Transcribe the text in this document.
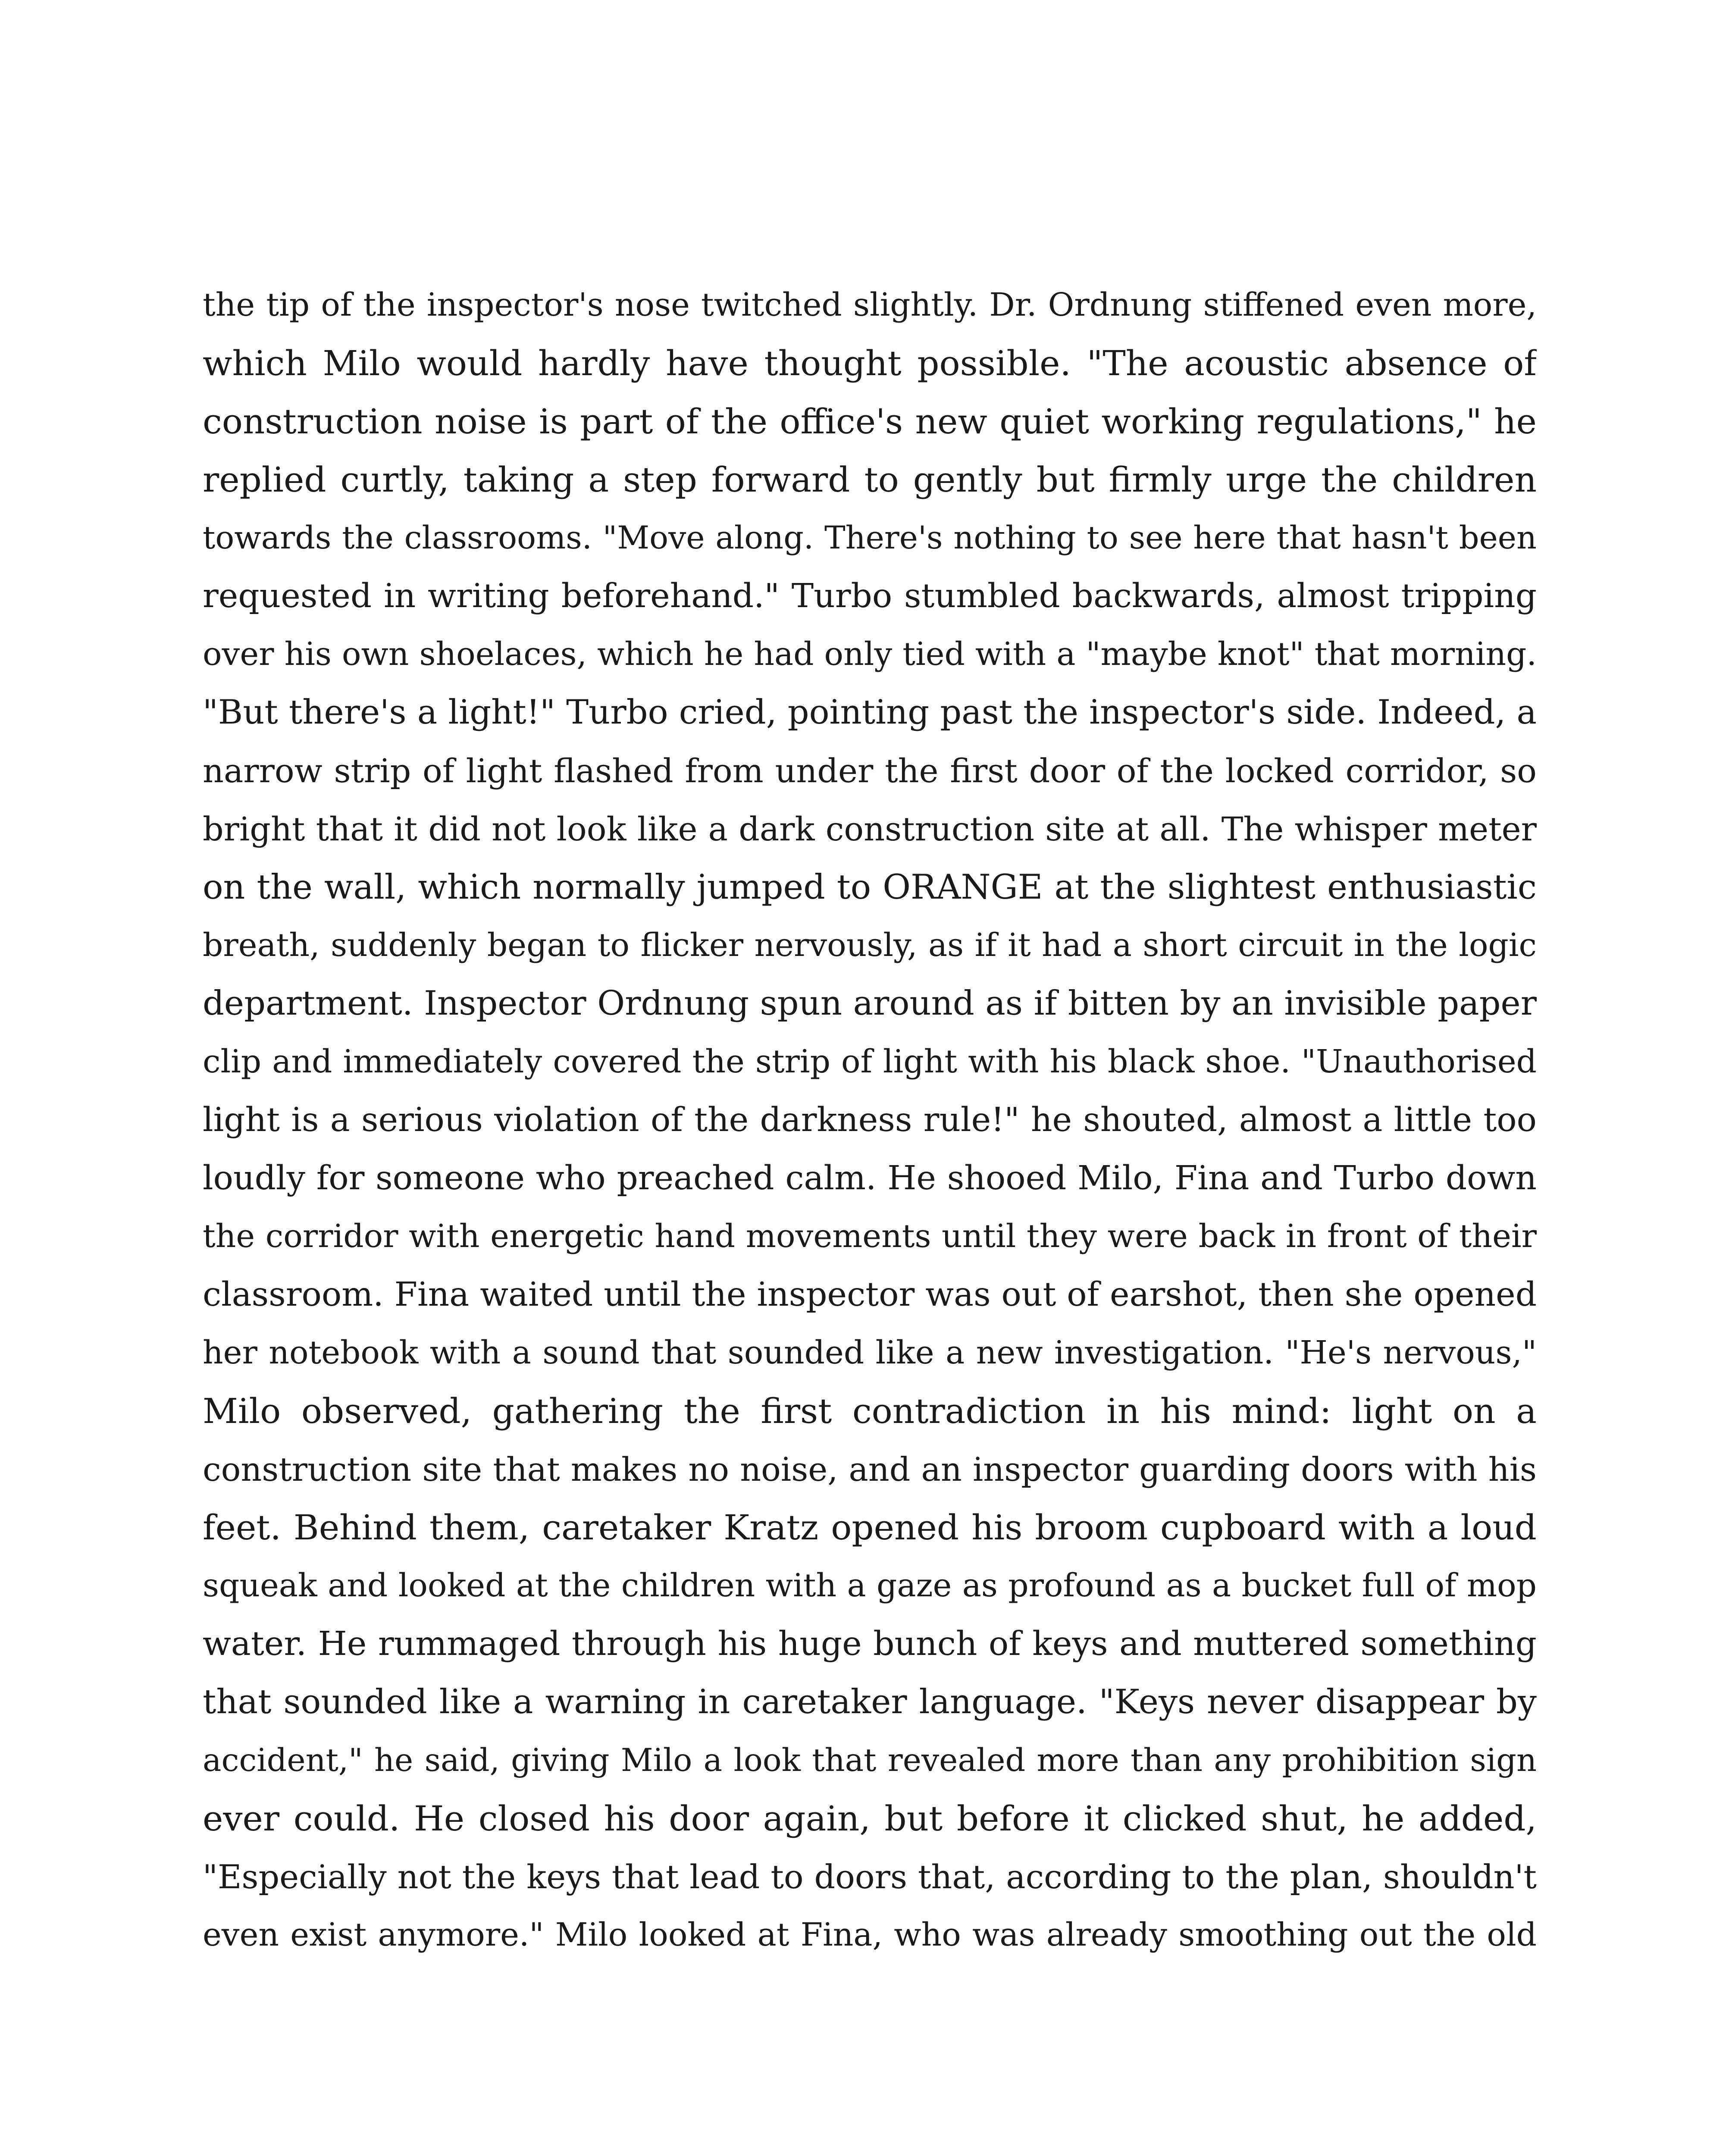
the tip of the inspector's nose twitched slightly. Dr. Ordnung stiffened even more,
which Milo would hardly have thought possible. "The acoustic absence of
construction noise is part of the office's new quiet working regulations," he
replied curtly, taking a step forward to gently but firmly urge the children
towards the classrooms. "Move along. There's nothing to see here that hasn't been
requested in writing beforehand." Turbo stumbled backwards, almost tripping
over his own shoelaces, which he had only tied with a "maybe knot" that morning.
"But there's a light!" Turbo cried, pointing past the inspector's side. Indeed, a
narrow strip of light flashed from under the first door of the locked corridor, so
bright that it did not look like a dark construction site at all. The whisper meter
on the wall, which normally jumped to ORANGE at the slightest enthusiastic
breath, suddenly began to flicker nervously, as if it had a short circuit in the logic
department. Inspector Ordnung spun around as if bitten by an invisible paper
clip and immediately covered the strip of light with his black shoe. "Unauthorised
light is a serious violation of the darkness rule!" he shouted, almost a little too
loudly for someone who preached calm. He shooed Milo, Fina and Turbo down
the corridor with energetic hand movements until they were back in front of their
classroom. Fina waited until the inspector was out of earshot, then she opened
her notebook with a sound that sounded like a new investigation. "He's nervous,"
Milo observed, gathering the first contradiction in his mind: light on a
construction site that makes no noise, and an inspector guarding doors with his
feet. Behind them, caretaker Kratz opened his broom cupboard with a loud
squeak and looked at the children with a gaze as profound as a bucket full of mop
water. He rummaged through his huge bunch of keys and muttered something
that sounded like a warning in caretaker language. "Keys never disappear by
accident," he said, giving Milo a look that revealed more than any prohibition sign
ever could. He closed his door again, but before it clicked shut, he added,
"Especially not the keys that lead to doors that, according to the plan, shouldn't
even exist anymore." Milo looked at Fina, who was already smoothing out the old
